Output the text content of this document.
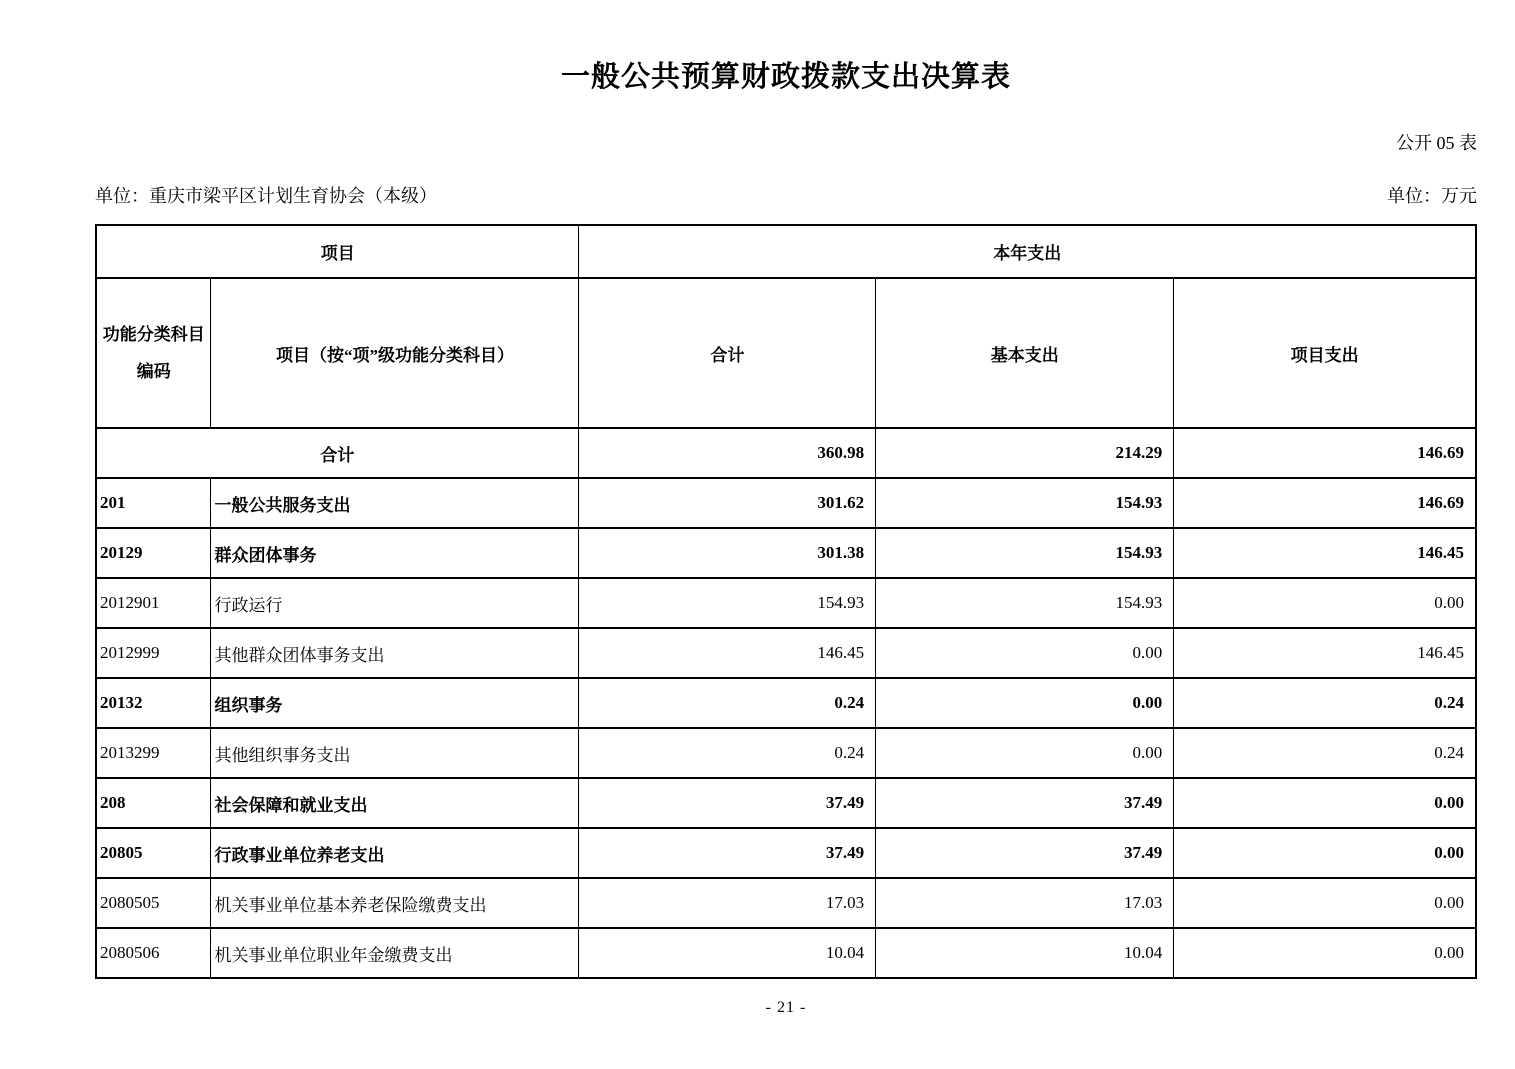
一般公共预算财政拨款支出决算表
公开 05 表
单位：重庆市梁平区计划生育协会（本级）	单位：万元
项目		本年支出		

功能分类科目
编码	项目（按“项”级功能分类科目）	合计	基本支出	项目支出
合计		360.98	214.29	146.69
201	一般公共服务支出	301.62	154.93	146.69
20129	群众团体事务	301.38	154.93	146.45
2012901	行政运行	154.93	154.93	0.00
2012999	其他群众团体事务支出	146.45	0.00	146.45
20132	组织事务	0.24	0.00	0.24
2013299	其他组织事务支出	0.24	0.00	0.24
208	社会保障和就业支出	37.49	37.49	0.00
20805	行政事业单位养老支出	37.49	37.49	0.00
2080505	机关事业单位基本养老保险缴费支出	17.03	17.03	0.00
2080506	机关事业单位职业年金缴费支出	10.04	10.04	0.00
- 21 -
